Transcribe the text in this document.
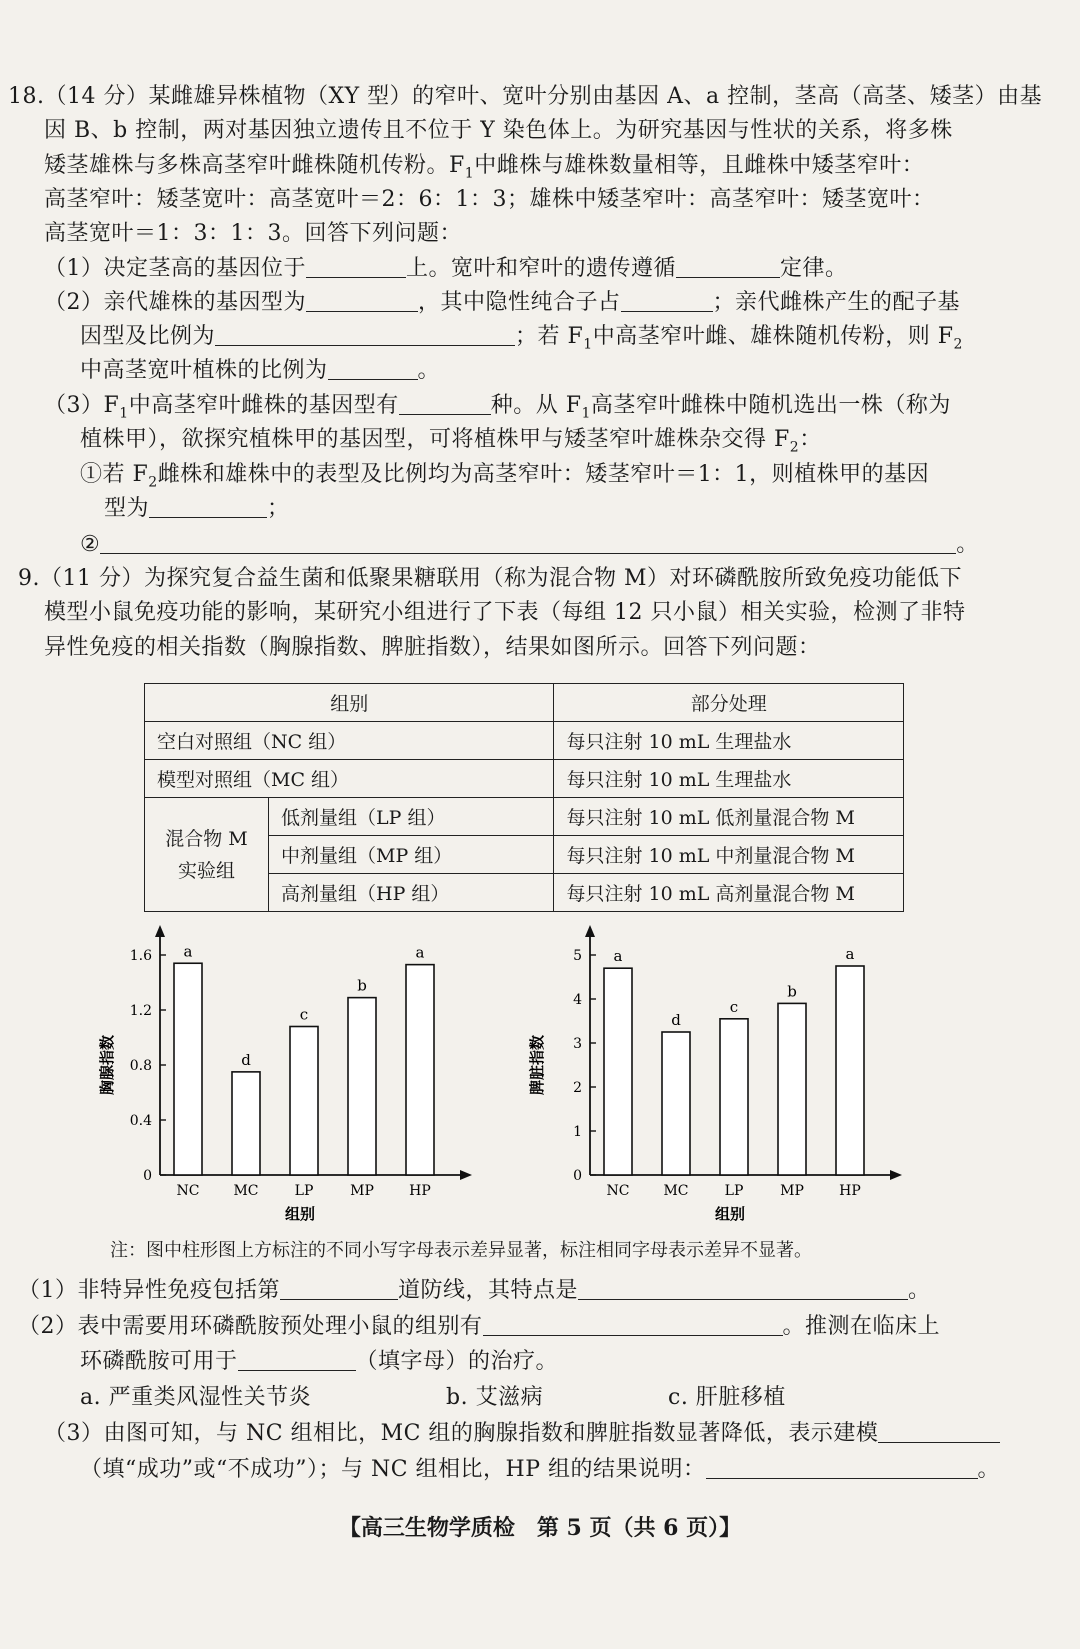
18.（14 分）某雌雄异株植物（XY 型）的窄叶、宽叶分别由基因 A、a 控制，茎高（高茎、矮茎）由基
因 B、b 控制，两对基因独立遗传且不位于 Y 染色体上。为研究基因与性状的关系，将多株
矮茎雄株与多株高茎窄叶雌株随机传粉。$F_1$中雌株与雄株数量相等，且雌株中矮茎窄叶：
高茎窄叶：矮茎宽叶：高茎宽叶＝2：6：1：3；雄株中矮茎窄叶：高茎窄叶：矮茎宽叶：
高茎宽叶＝1：3：1：3。回答下列问题：
（1）决定茎高的基因位于	上。宽叶和窄叶的遗传遵循	定律。
（2）亲代雄株的基因型为	，其中隐性纯合子占	；亲代雌株产生的配子基
因型及比例为	；若 $F_1$中高茎窄叶雌、雄株随机传粉，则 $F_2$
中高茎宽叶植株的比例为	。
$(3)F_1$中高茎窄叶雌株的基因型有	种。从 $F_1$高茎窄叶雌株中随机选出一株（称为
植株甲），欲探究植株甲的基因型，可将植株甲与矮茎窄叶雄株杂交得 $F_2$：
①若 $F_2$雌株和雄株中的表型及比例均为高茎窄叶：矮茎窄叶＝1：1，则植株甲的基因
型为	；
②	。
9.（11 分）为探究复合益生菌和低聚果糖联用（称为混合物 M）对环磷酰胺所致免疫功能低下
模型小鼠免疫功能的影响，某研究小组进行了下表（每组 12 只小鼠）相关实验，检测了非特
异性免疫的相关指数（胸腺指数、脾脏指数），结果如图所示。回答下列问题：
组别		部分处理
空白对照组（NC 组）		每只注射 10 mL 生理盐水
模型对照组（MC 组）		每只注射 10 mL 生理盐水
混合物 M
实验组	低剂量组（LP 组）	每只注射 10 mL 低剂量混合物 M
	中剂量组（MP 组）	每只注射 10 mL 中剂量混合物 M
	高剂量组（HP 组）	每只注射 10 mL 高剂量混合物 M
0
0.4
0.8
1.2
1.6
胸腺指数
a
NC
d
MC
c
LP
b
MP
a
HP
组别
0
1
2
3
4
5
脾脏指数
a
NC
d
MC
c
LP
b
MP
a
HP
组别
注：图中柱形图上方标注的不同小写字母表示差异显著，标注相同字母表示差异不显著。
（1）非特异性免疫包括第	道防线，其特点是	。
（2）表中需要用环磷酰胺预处理小鼠的组别有	。推测在临床上
环磷酰胺可用于	（填字母）的治疗。
a. 严重类风湿性关节炎	b. 艾滋病	c. 肝脏移植
（3）由图可知，与 NC 组相比，MC 组的胸腺指数和脾脏指数显著降低，表示建模
（填“成功”或“不成功”）；与 NC 组相比，HP 组的结果说明：	。
【高三生物学质检　第 5 页（共 6 页）】
